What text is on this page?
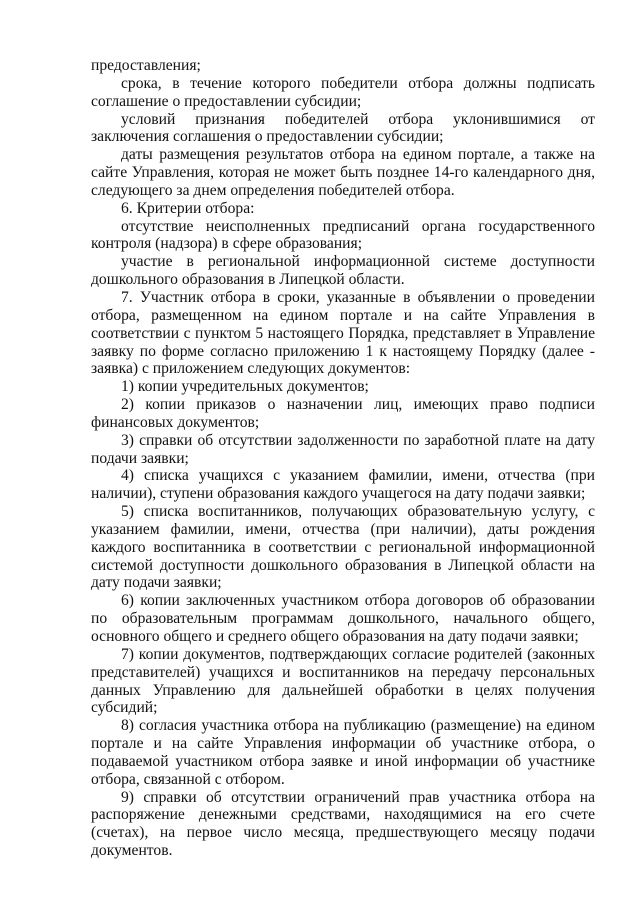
предоставления;

срока, в течение которого победители отбора должны подписать соглашение о предоставлении субсидии;

условий признания победителей отбора уклонившимися от заключения соглашения о предоставлении субсидии;

даты размещения результатов отбора на едином портале, а также на сайте Управления, которая не может быть позднее 14-го календарного дня, следующего за днем определения победителей отбора.

6. Критерии отбора:

отсутствие неисполненных предписаний органа государственного контроля (надзора) в сфере образования;

участие в региональной информационной системе доступности дошкольного образования в Липецкой области.

7. Участник отбора в сроки, указанные в объявлении о проведении отбора, размещенном на едином портале и на сайте Управления в соответствии с пунктом 5 настоящего Порядка, представляет в Управление заявку по форме согласно приложению 1 к настоящему Порядку (далее - заявка) с приложением следующих документов:

1) копии учредительных документов;

2) копии приказов о назначении лиц, имеющих право подписи финансовых документов;

3) справки об отсутствии задолженности по заработной плате на дату подачи заявки;

4) списка учащихся с указанием фамилии, имени, отчества (при наличии), ступени образования каждого учащегося на дату подачи заявки;

5) списка воспитанников, получающих образовательную услугу, с указанием фамилии, имени, отчества (при наличии), даты рождения каждого воспитанника в соответствии с региональной информационной системой доступности дошкольного образования в Липецкой области на дату подачи заявки;

6) копии заключенных участником отбора договоров об образовании по образовательным программам дошкольного, начального общего, основного общего и среднего общего образования на дату подачи заявки;

7) копии документов, подтверждающих согласие родителей (законных представителей) учащихся и воспитанников на передачу персональных данных Управлению для дальнейшей обработки в целях получения субсидий;

8) согласия участника отбора на публикацию (размещение) на едином портале и на сайте Управления информации об участнике отбора, о подаваемой участником отбора заявке и иной информации об участнике отбора, связанной с отбором.

9) справки об отсутствии ограничений прав участника отбора на распоряжение денежными средствами, находящимися на его счете (счетах), на первое число месяца, предшествующего месяцу подачи документов.
